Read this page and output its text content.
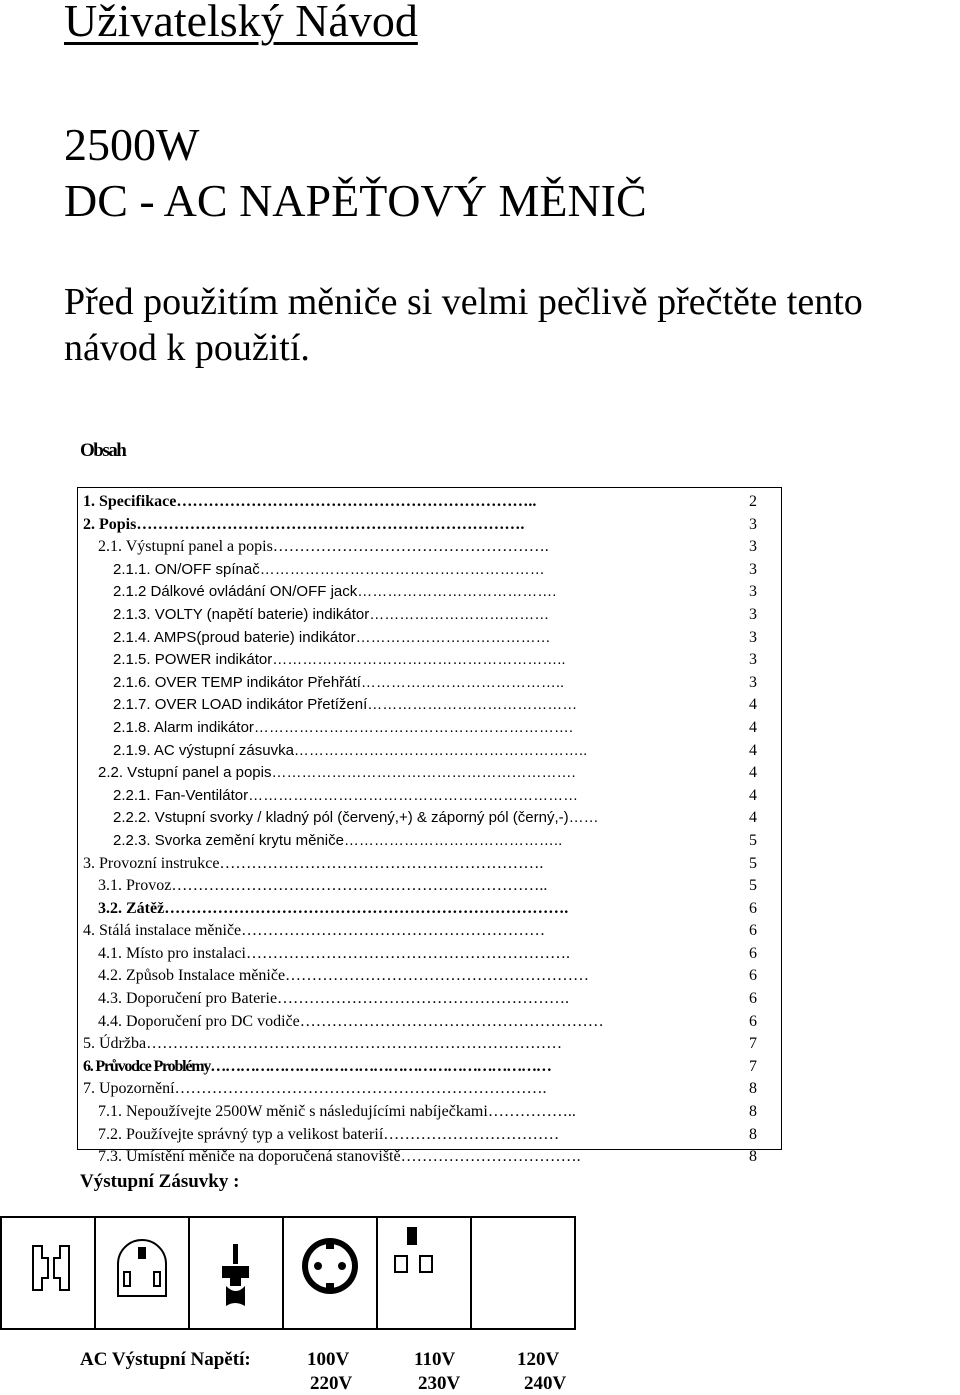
Uživatelský Návod
2500W
DC - AC NAPĚŤOVÝ MĚNIČ
Před použitím měniče si velmi pečlivě přečtěte tento
návod k použití.
Obsah
1. Specifikace…………………………………………………………..	2
2. Popis……………………………………………………………….	3
2.1. Výstupní panel a popis…………………………………………….	3
2.1.1. ON/OFF spínač…………………………………………………	3
2.1.2 Dálkové ovládání ON/OFF jack………………………………….	3
2.1.3. VOLTY (napětí baterie) indikátor………………………………	3
2.1.4. AMPS(proud baterie) indikátor…………………………………	3
2.1.5. POWER indikátor…………………………………………………..	3
2.1.6. OVER TEMP indikátor Přehřátí…………………………………..	3
2.1.7. OVER LOAD indikátor Přetížení……………………………………	4
2.1.8. Alarm indikátor……………………………………………………….	4
2.1.9. AC výstupní zásuvka…………………………………………………..	4
2.2. Vstupní panel a popis…………………………………………………….	4
2.2.1. Fan-Ventilátor…………………………………………………………	4
2.2.2. Vstupní svorky / kladný pól (červený,+) & záporný pól (černý,-)……	4
2.2.3. Svorka zemění krytu měniče……………………………………..	5
3. Provozní instrukce…………………………………………………….	5
3.1. Provoz……………………………………………………………..	5
3.2. Zátěž………………………………………………………………….	6
4. Stálá instalace měniče…………………………………………………	6
4.1. Místo pro instalaci…………………………………………………….	6
4.2. Způsob Instalace měniče…………………………………………………	6
4.3. Doporučení pro Baterie……………………………………………….	6
4.4. Doporučení pro DC vodiče…………………………………………………	6
5. Údržba……………………………………………………………………	7
6. Průvodce Problémy……………………………………………………………	7
7. Upozornění…………………………………………………………….	8
7.1. Nepoužívejte 2500W měnič s následujícími nabíječkami……………..	8
7.2. Používejte správný typ a velikost baterií……………………………	8
7.3. Umístění měniče na doporučená stanoviště…………………………….	8
Výstupní Zásuvky :
AC Výstupní Napětí:	100V	110V	120V
220V	230V	240V
